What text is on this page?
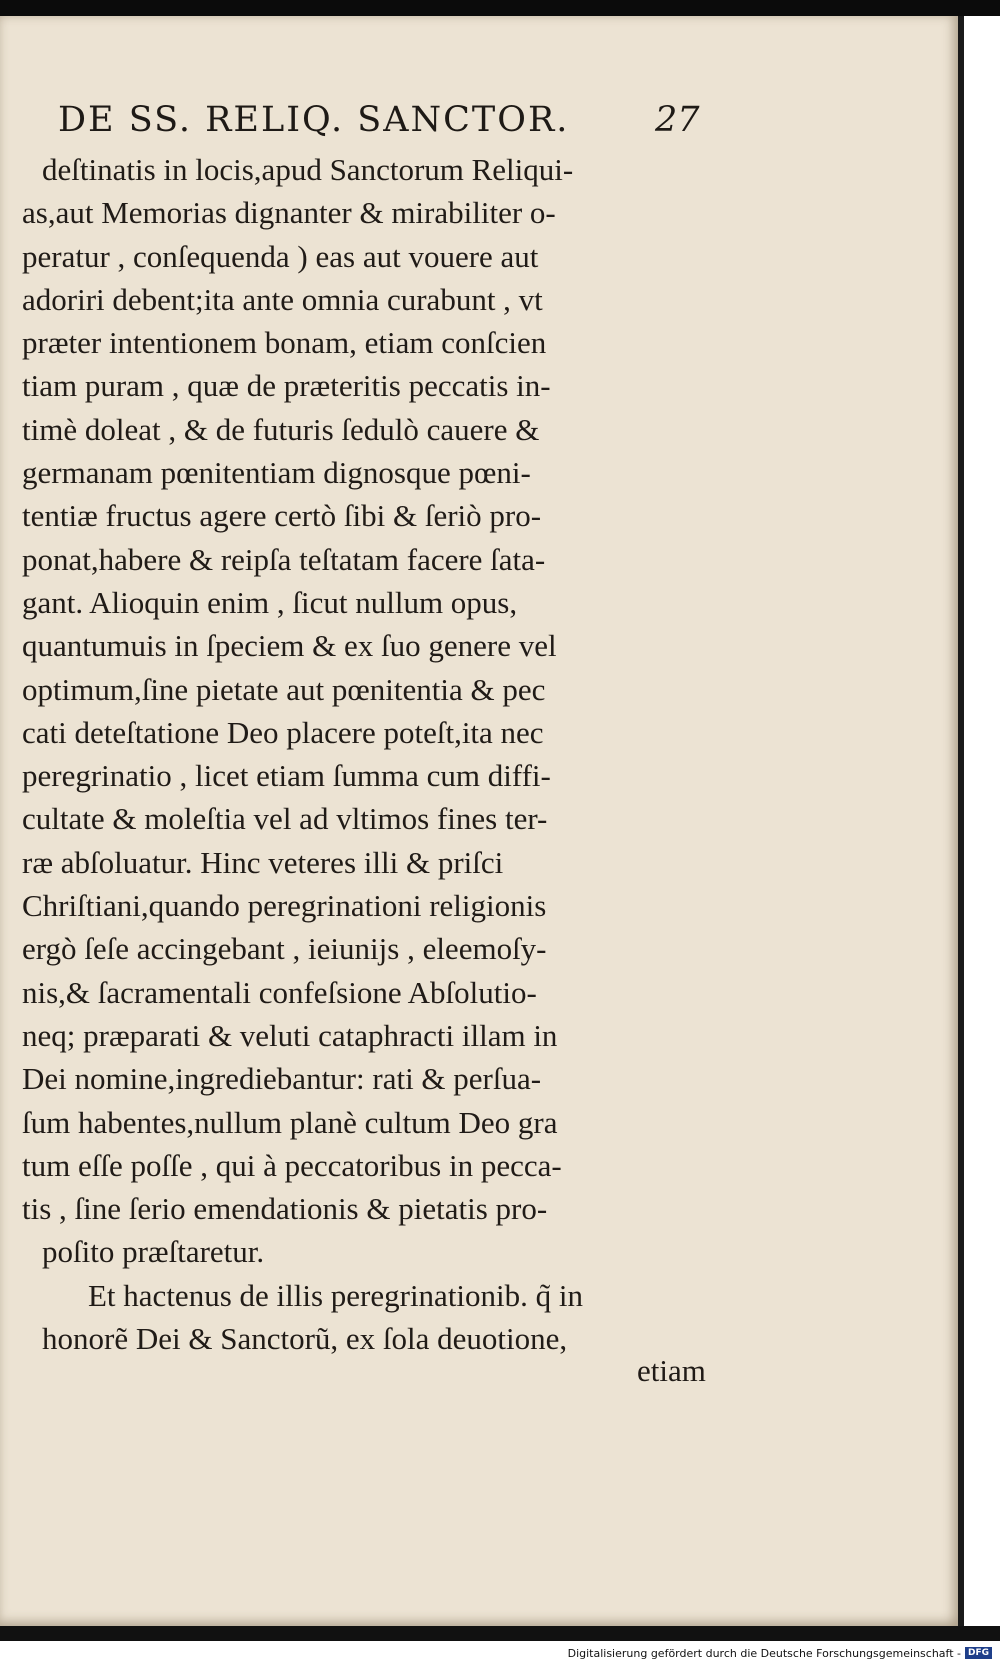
DE SS. RELIQ. SANCTOR. 27
deſtinatis in locis,apud Sanctorum Reliqui-
as,aut Memorias dignanter & mirabiliter o-
peratur , conſequenda ) eas aut vouere aut
adoriri debent;ita ante omnia curabunt , vt
præter intentionem bonam, etiam conſcien
tiam puram , quæ de præteritis peccatis in-
timè doleat , & de futuris ſedulò cauere &
germanam pœnitentiam dignosque pœni-
tentiæ fructus agere certò ſibi & ſeriò pro-
ponat,habere & reipſa teſtatam facere ſata-
gant. Alioquin enim , ſicut nullum opus,
quantumuis in ſpeciem & ex ſuo genere vel
optimum,ſine pietate aut pœnitentia & pec
cati deteſtatione Deo placere poteſt,ita nec
peregrinatio , licet etiam ſumma cum diffi-
cultate & moleſtia vel ad vltimos fines ter-
ræ abſoluatur. Hinc veteres illi & priſci
Chriſtiani,quando peregrinationi religionis
ergò ſeſe accingebant , ieiunijs , eleemoſy-
nis,& ſacramentali confeſsione Abſolutio-
neq; præparati & veluti cataphracti illam in
Dei nomine,ingrediebantur: rati & perſua-
ſum habentes,nullum planè cultum Deo gra
tum eſſe poſſe , qui à peccatoribus in pecca-
tis , ſine ſerio emendationis & pietatis pro-
poſito præſtaretur.
Et hactenus de illis peregrinationib. q̃ in
honorẽ Dei & Sanctorũ, ex ſola deuotione,
etiam
Digitalisierung gefördert durch die Deutsche Forschungsgemeinschaft - DFG
